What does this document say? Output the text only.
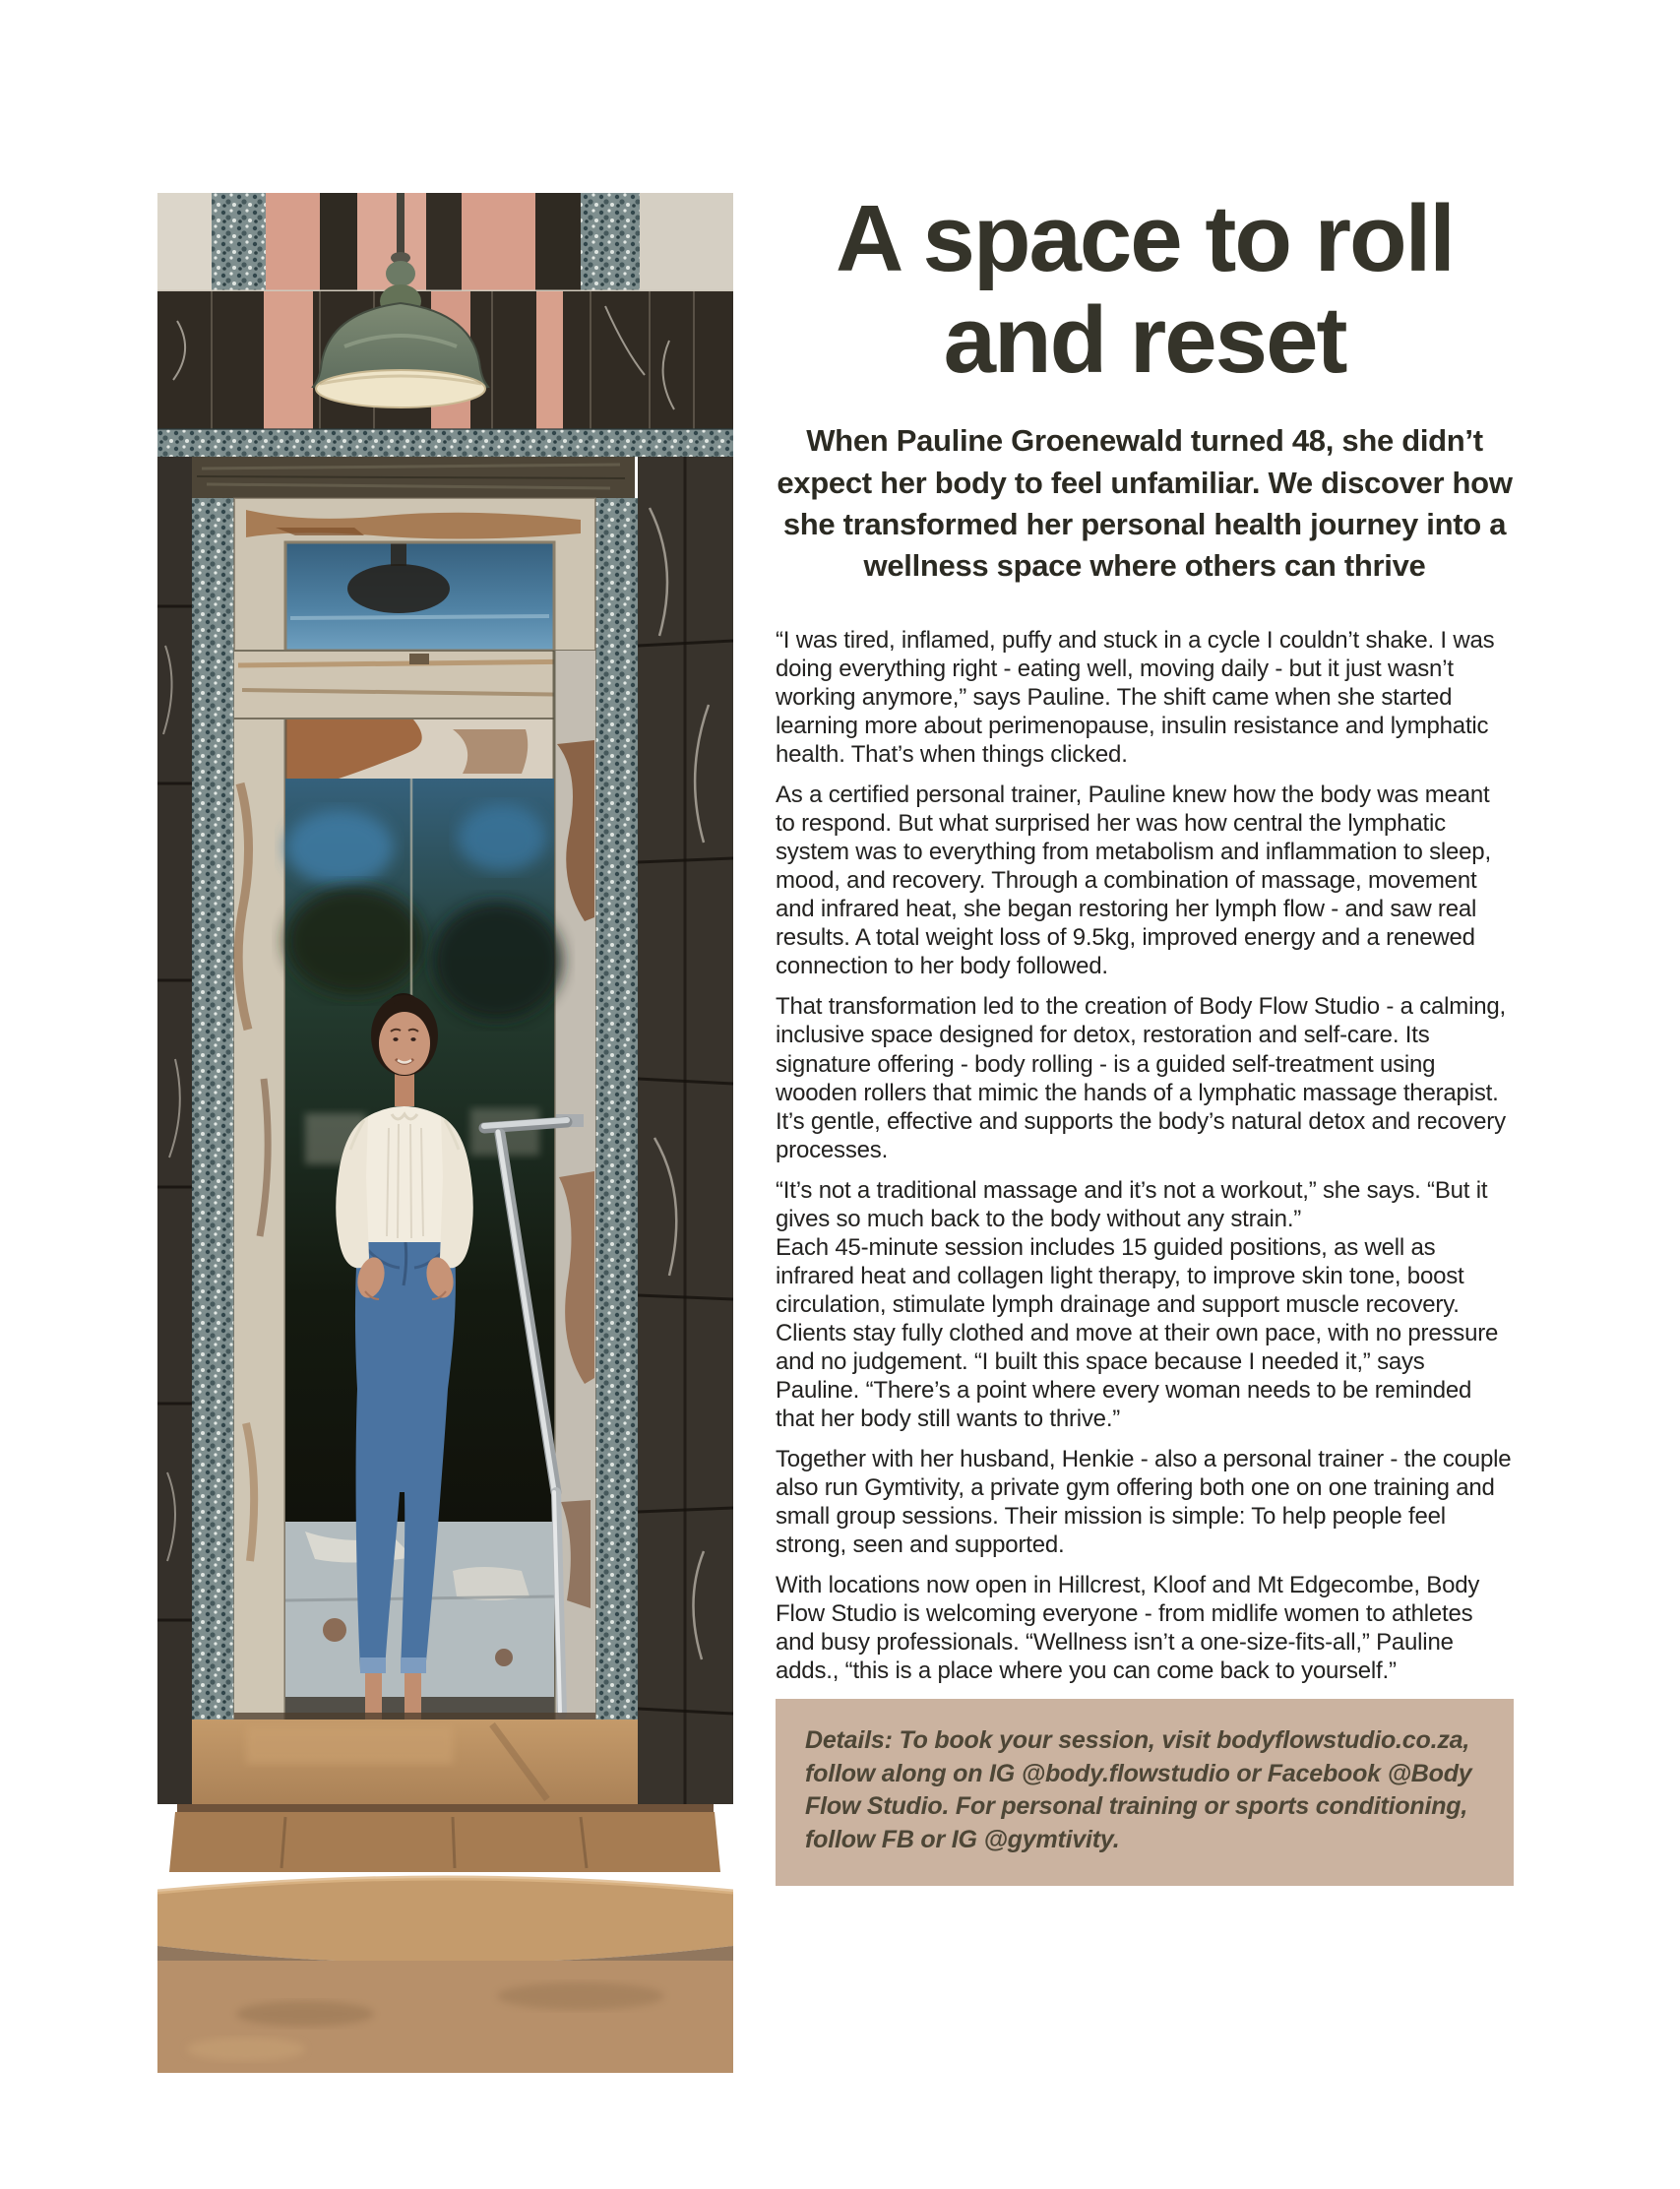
A space to roll and reset

When Pauline Groenewald turned 48, she didn’t expect her body to feel unfamiliar. We discover how she transformed her personal health journey into a wellness space where others can thrive

“I was tired, inflamed, puffy and stuck in a cycle I couldn’t shake. I was doing everything right - eating well, moving daily - but it just wasn’t working anymore,” says Pauline. The shift came when she started learning more about perimenopause, insulin resistance and lymphatic health. That’s when things clicked.

As a certified personal trainer, Pauline knew how the body was meant to respond. But what surprised her was how central the lymphatic system was to everything from metabolism and inflammation to sleep, mood, and recovery. Through a combination of massage, movement and infrared heat, she began restoring her lymph flow - and saw real results. A total weight loss of 9.5kg, improved energy and a renewed connection to her body followed.

That transformation led to the creation of Body Flow Studio - a calming, inclusive space designed for detox, restoration and self-care. Its signature offering - body rolling - is a guided self-treatment using wooden rollers that mimic the hands of a lymphatic massage therapist. It’s gentle, effective and supports the body’s natural detox and recovery processes.

“It’s not a traditional massage and it’s not a workout,” she says. “But it gives so much back to the body without any strain.”

Each 45-minute session includes 15 guided positions, as well as infrared heat and collagen light therapy, to improve skin tone, boost circulation, stimulate lymph drainage and support muscle recovery. Clients stay fully clothed and move at their own pace, with no pressure and no judgement. “I built this space because I needed it,” says Pauline. “There’s a point where every woman needs to be reminded that her body still wants to thrive.”

Together with her husband, Henkie - also a personal trainer - the couple also run Gymtivity, a private gym offering both one on one training and small group sessions. Their mission is simple: To help people feel strong, seen and supported.

With locations now open in Hillcrest, Kloof and Mt Edgecombe, Body Flow Studio is welcoming everyone - from midlife women to athletes and busy professionals. “Wellness isn’t a one-size-fits-all,” Pauline adds., “this is a place where you can come back to yourself.”

Details: To book your session, visit bodyflowstudio.co.za, follow along on IG @body.flowstudio or Facebook @Body Flow Studio. For personal training or sports conditioning, follow FB or IG @gymtivity.
